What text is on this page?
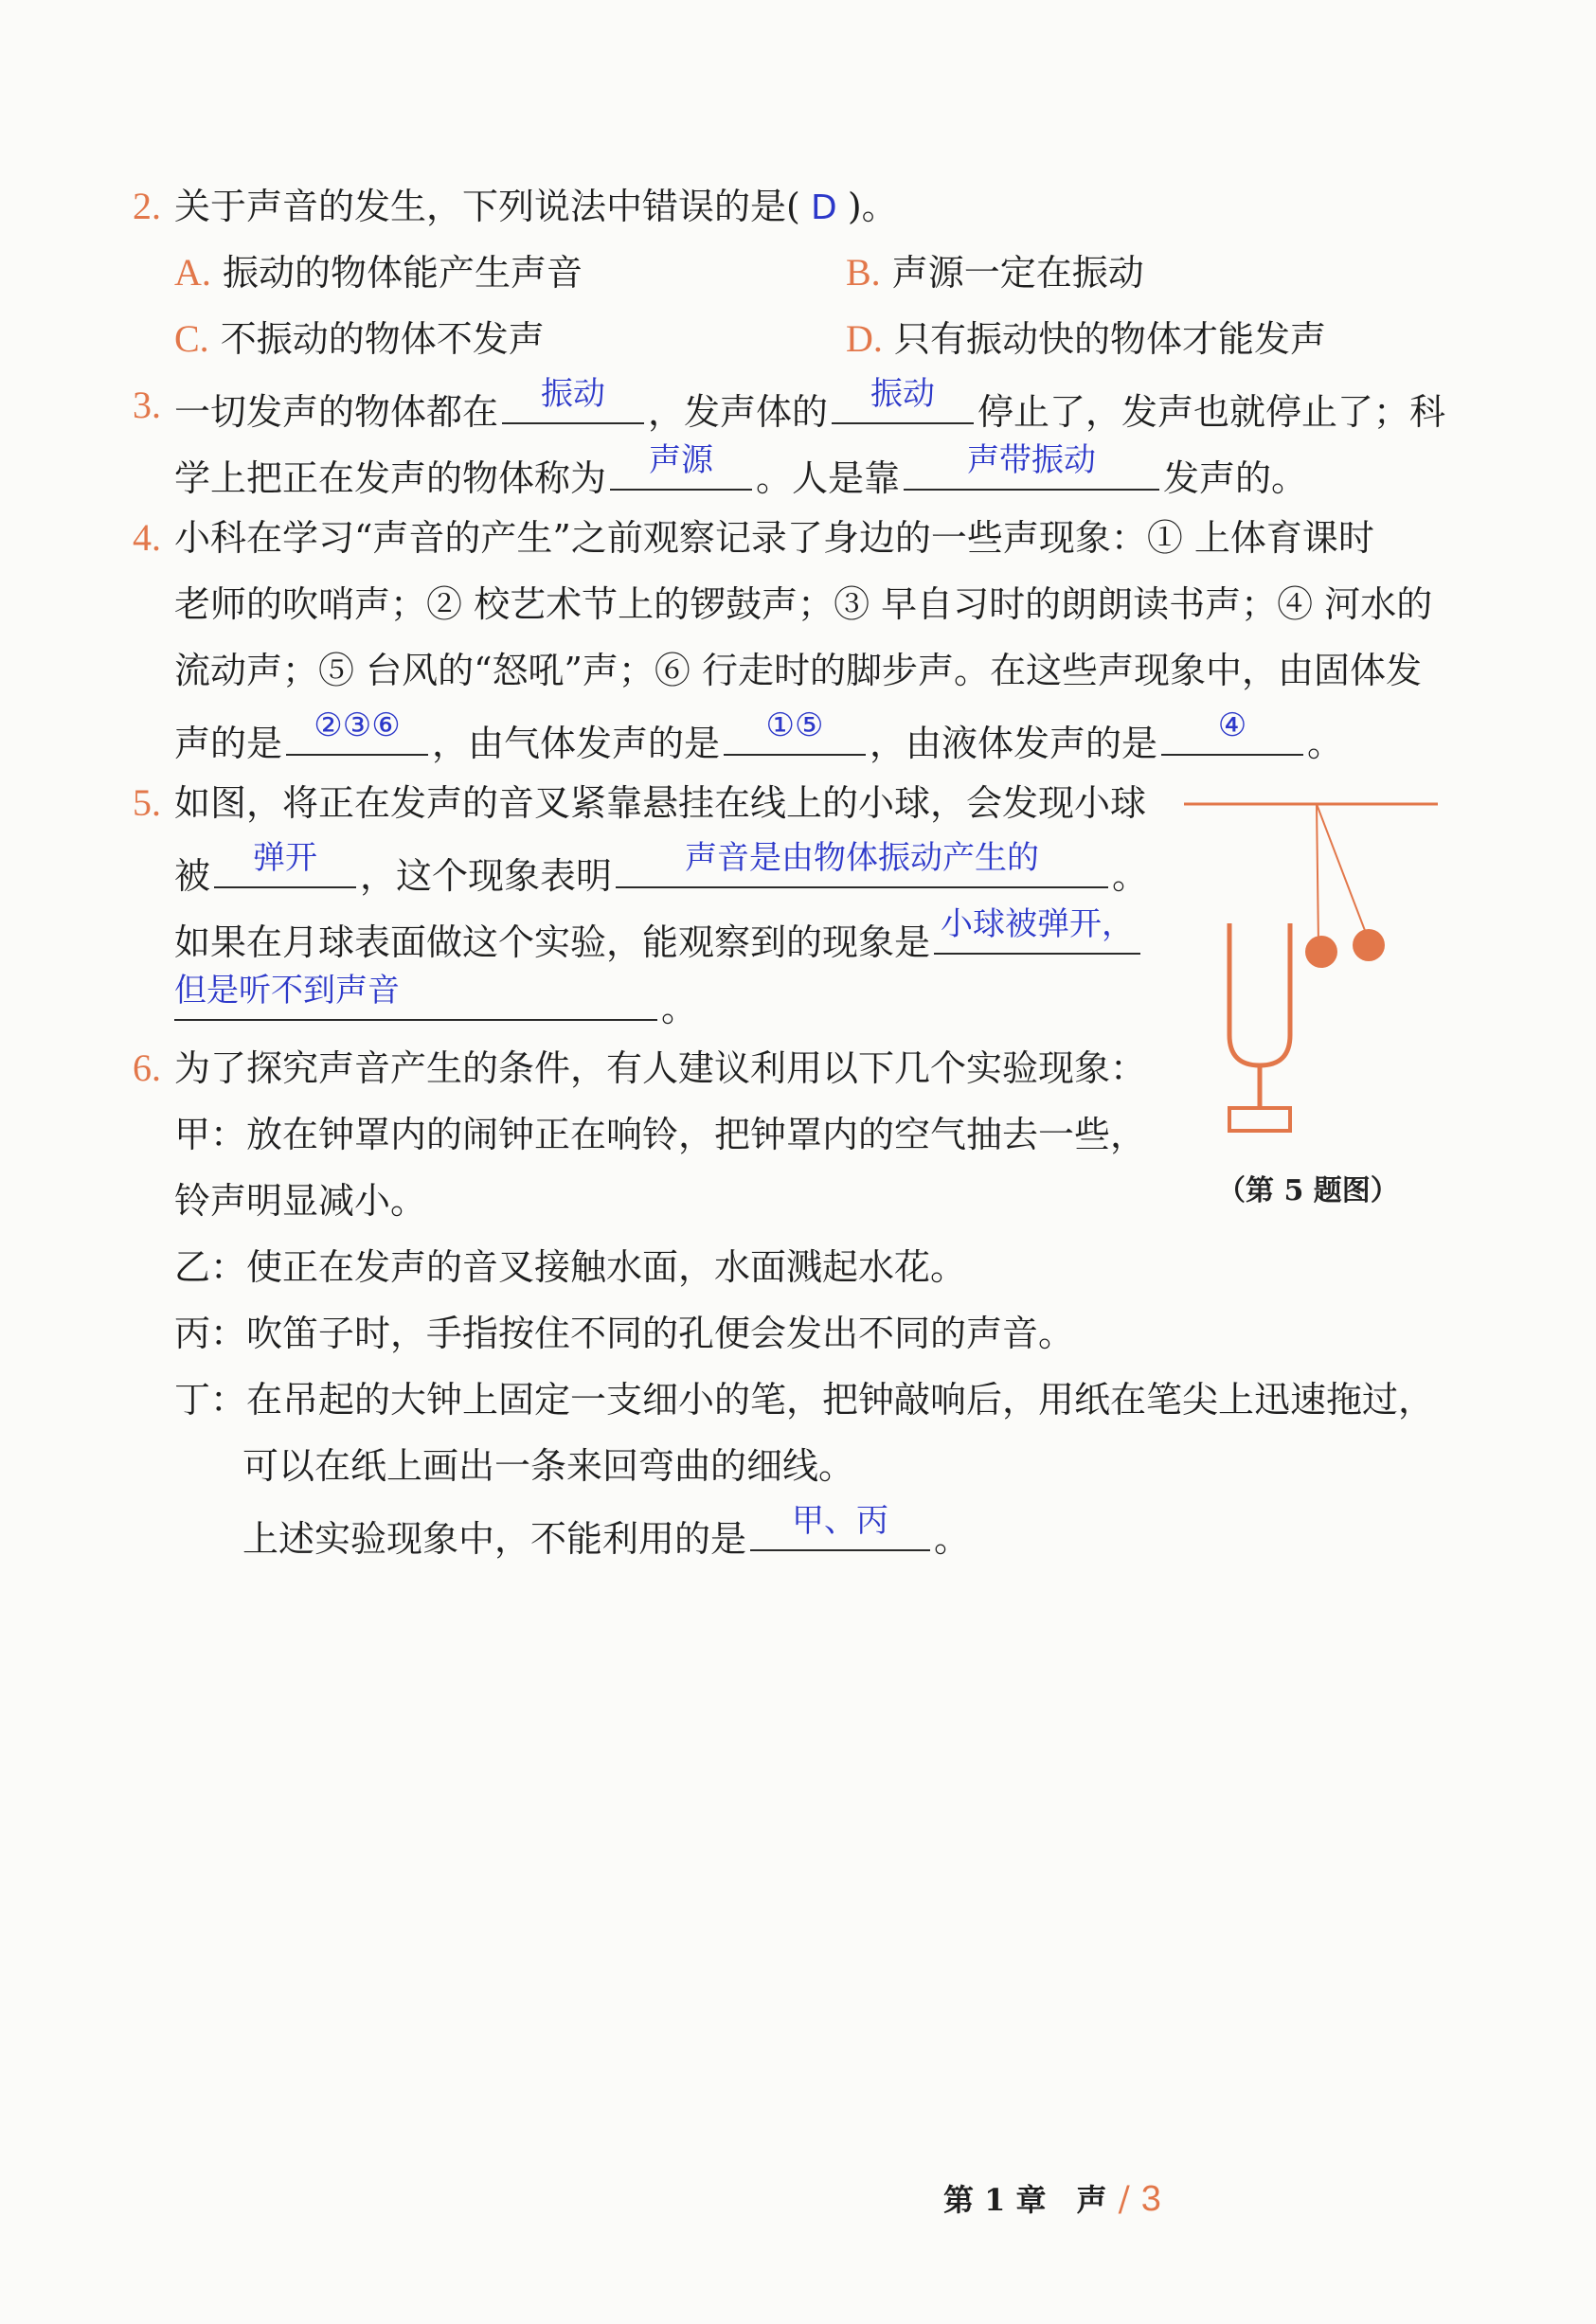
2. 关于声音的发生，下列说法中错误的是( D )。
A. 振动的物体能产生声音	B. 声源一定在振动
C. 不振动的物体不发声	D. 只有振动快的物体才能发声
3. 一切发声的物体都在	振动	，发声体的	振动	停止了，发声也就停止了；科
学上把正在发声的物体称为	声源	。人是靠	声带振动	发声的。
4. 小科在学习“声音的产生”之前观察记录了身边的一些声现象：① 上体育课时
老师的吹哨声；② 校艺术节上的锣鼓声；③ 早自习时的朗朗读书声；④ 河水的
流动声；⑤ 台风的“怒吼”声；⑥ 行走时的脚步声。在这些声现象中，由固体发
声的是 ②③⑥ ，由气体发声的是	①⑤	，由液体发声的是	④	。
5. 如图，将正在发声的音叉紧靠悬挂在线上的小球，会发现小球
被	弹开	，这个现象表明	声音是由物体振动产生的	。
如果在月球表面做这个实验，能观察到的现象是 小球被弹开，
但是听不到声音	。
（第 5 题图）
6. 为了探究声音产生的条件，有人建议利用以下几个实验现象：
甲：放在钟罩内的闹钟正在响铃，把钟罩内的空气抽去一些，
铃声明显减小。
乙：使正在发声的音叉接触水面，水面溅起水花。
丙：吹笛子时，手指按住不同的孔便会发出不同的声音。
丁：在吊起的大钟上固定一支细小的笔，把钟敲响后，用纸在笔尖上迅速拖过，
可以在纸上画出一条来回弯曲的细线。
上述实验现象中，不能利用的是	甲、丙	。
第 1 章　声 / 3
